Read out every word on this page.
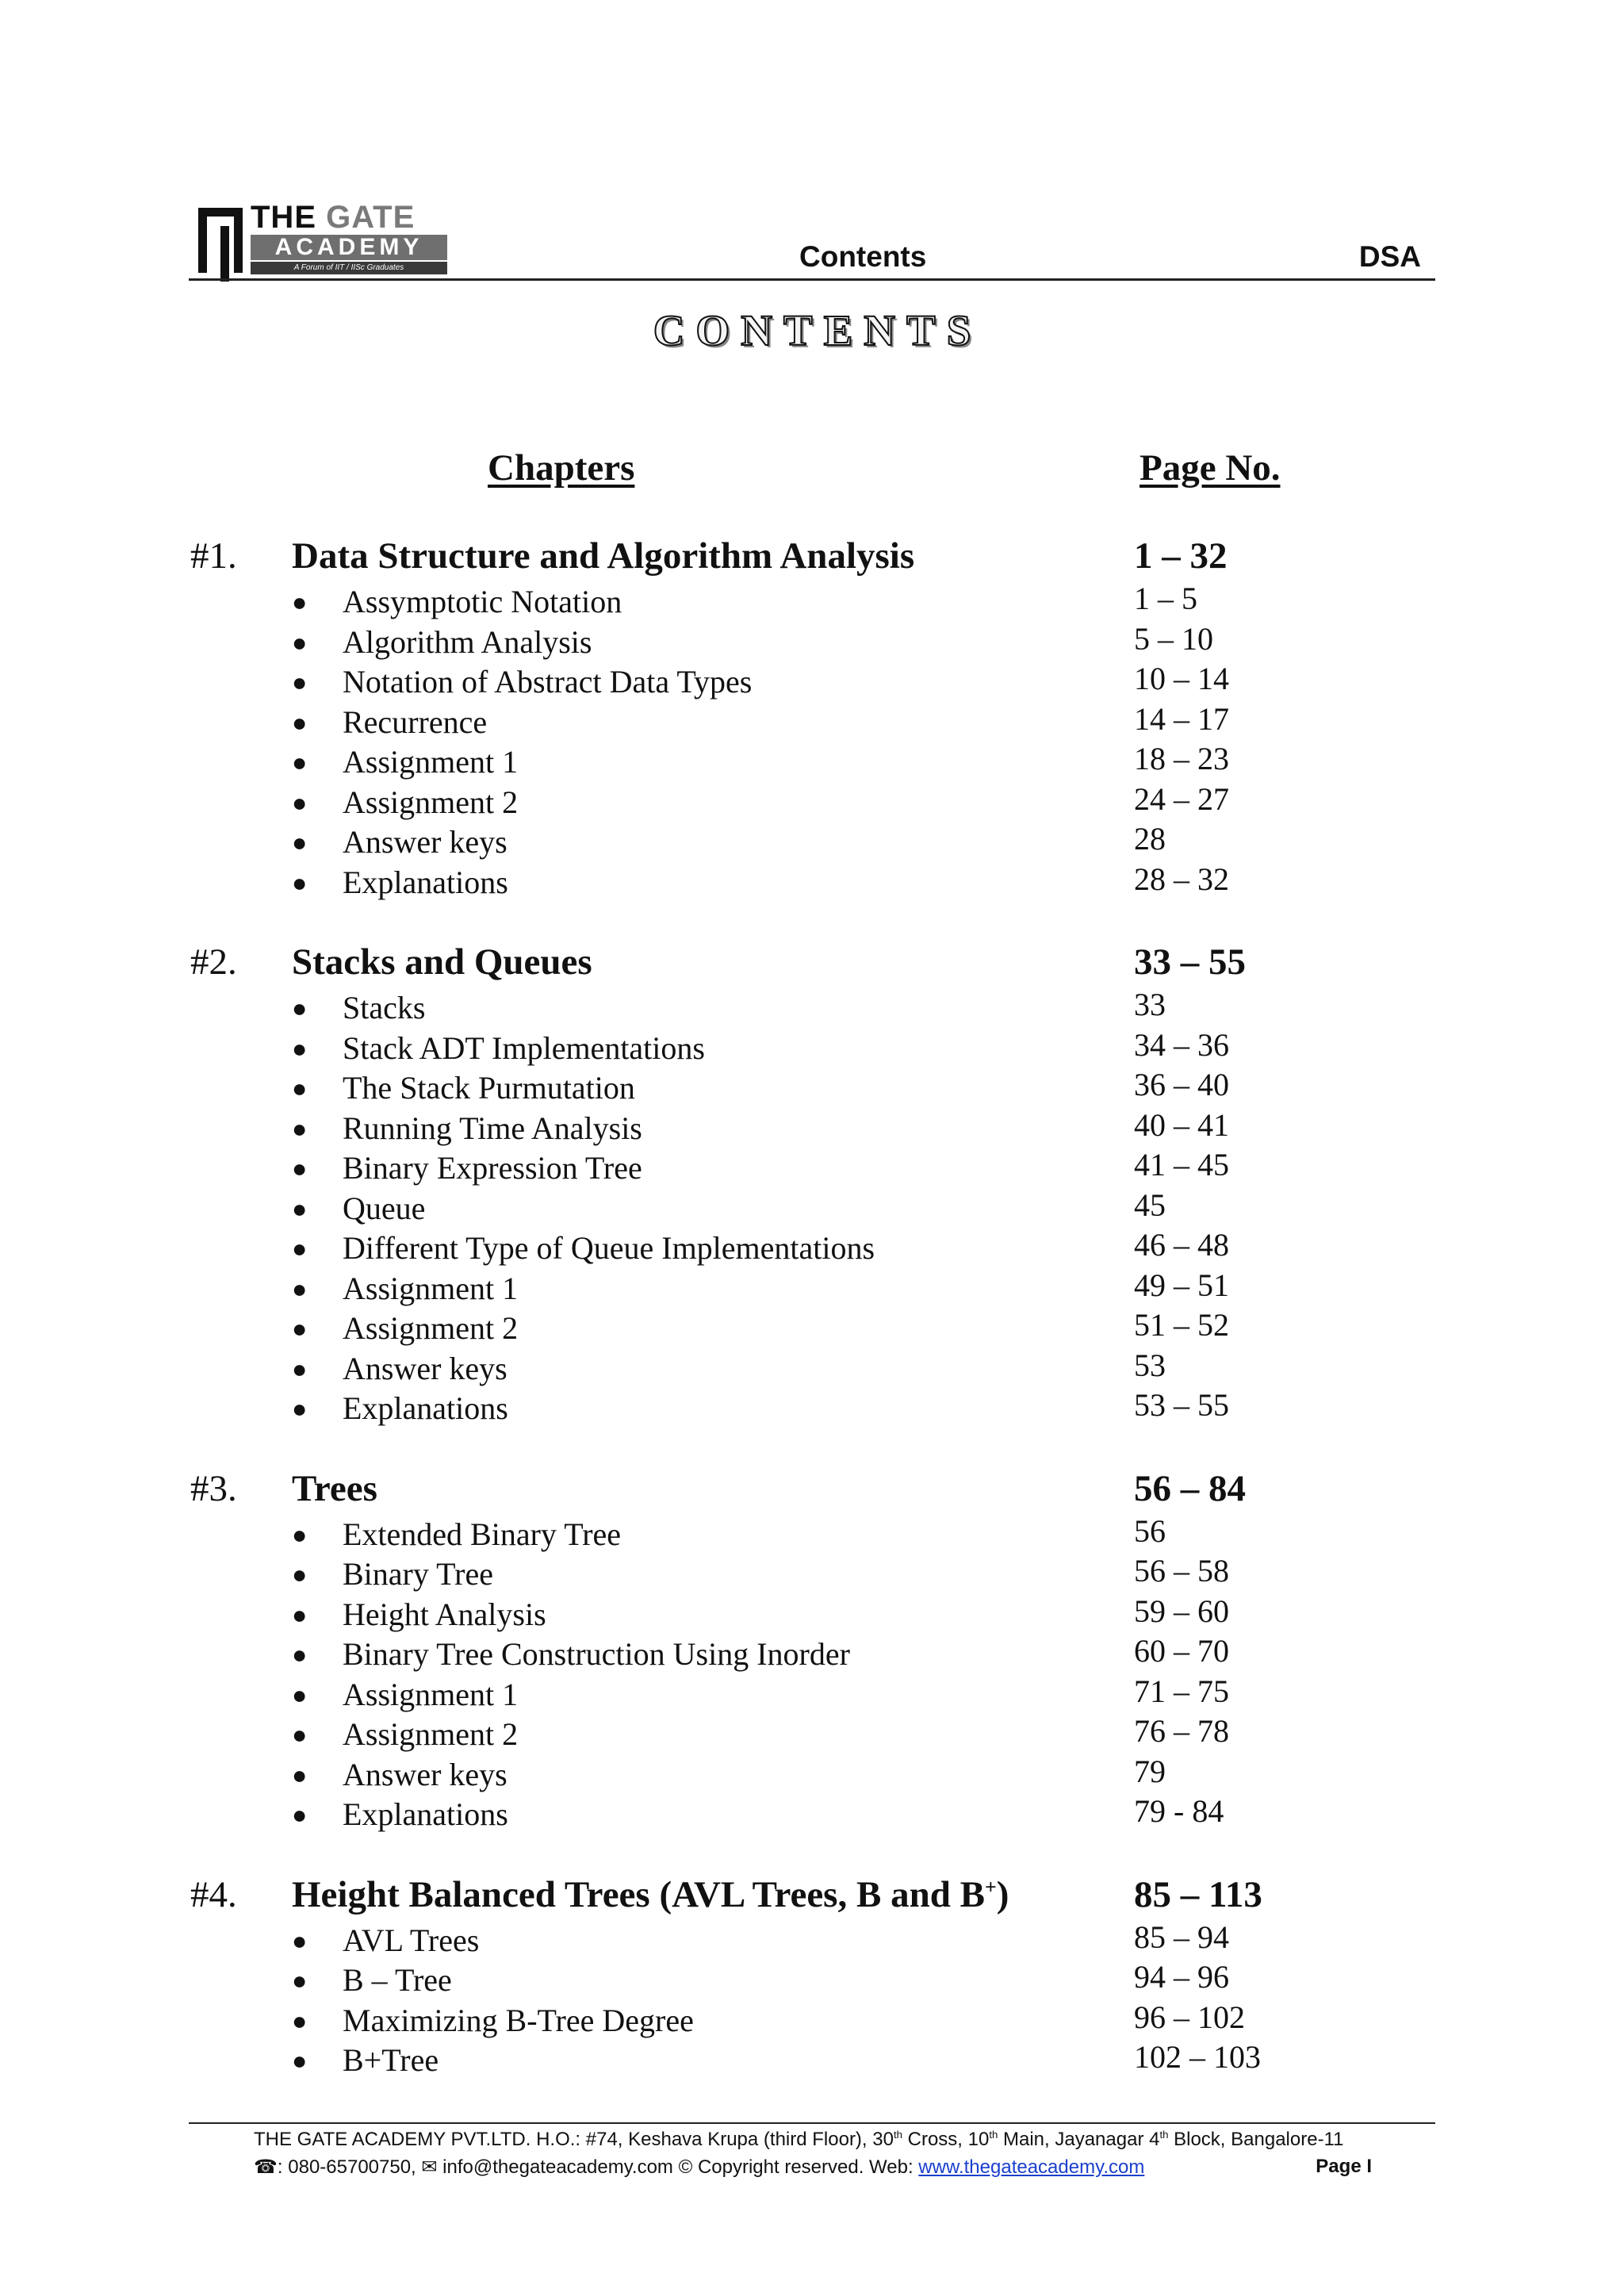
THE GATE
ACADEMY
A Forum of IIT / IISc Graduates	Contents	DSA
CONTENTS
Chapters	Page No.
#1. Data Structure and Algorithm Analysis	1 – 32
● Assymptotic Notation	1 – 5
● Algorithm Analysis	5 – 10
● Notation of Abstract Data Types	10 – 14
● Recurrence	14 – 17
● Assignment 1	18 – 23
● Assignment 2	24 – 27
● Answer keys	28
● Explanations	28 – 32
#2. Stacks and Queues	33 – 55
● Stacks	33
● Stack ADT Implementations	34 – 36
● The Stack Purmutation	36 – 40
● Running Time Analysis	40 – 41
● Binary Expression Tree	41 – 45
● Queue	45
● Different Type of Queue Implementations	46 – 48
● Assignment 1	49 – 51
● Assignment 2	51 – 52
● Answer keys	53
● Explanations	53 – 55
#3. Trees	56 – 84
● Extended Binary Tree	56
● Binary Tree	56 – 58
● Height Analysis	59 – 60
● Binary Tree Construction Using Inorder	60 – 70
● Assignment 1	71 – 75
● Assignment 2	76 – 78
● Answer keys	79
● Explanations	79 - 84
#4. Height Balanced Trees (AVL Trees, B and B+)	85 – 113
● AVL Trees	85 – 94
● B – Tree	94 – 96
● Maximizing B-Tree Degree	96 – 102
● B+Tree	102 – 103
THE GATE ACADEMY PVT.LTD. H.O.: #74, Keshava Krupa (third Floor), 30th Cross, 10th Main, Jayanagar 4th Block, Bangalore-11
☎: 080-65700750, ✉ info@thegateacademy.com © Copyright reserved. Web: www.thegateacademy.com	Page I
